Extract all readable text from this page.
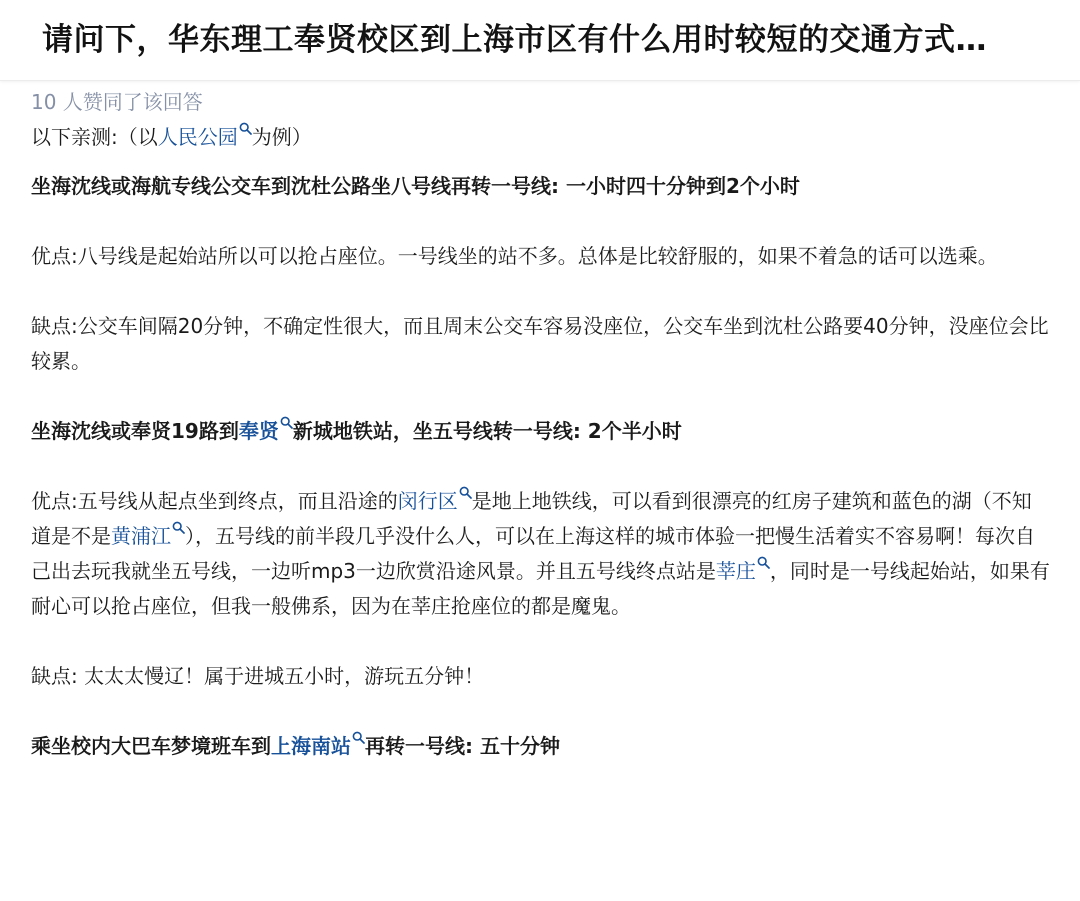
请问下，华东理工奉贤校区到上海市区有什么用时较短的交通方式…
10 人赞同了该回答

以下亲测:（以人民公园 为例）

坐海沈线或海航专线公交车到沈杜公路坐八号线再转一号线: 一小时四十分钟到2个小时

优点:八号线是起始站所以可以抢占座位。一号线坐的站不多。总体是比较舒服的，如果不着急的话可以选乘。

缺点:公交车间隔20分钟，不确定性很大，而且周末公交车容易没座位，公交车坐到沈杜公路要40分钟，没座位会比较累。

坐海沈线或奉贤19路到奉贤 新城地铁站，坐五号线转一号线: 2个半小时

优点:五号线从起点坐到终点，而且沿途的闵行区 是地上地铁线，可以看到很漂亮的红房子建筑和蓝色的湖（不知道是不是黄浦江 ），五号线的前半段几乎没什么人，可以在上海这样的城市体验一把慢生活着实不容易啊！每次自己出去玩我就坐五号线，一边听mp3一边欣赏沿途风景。并且五号线终点站是莘庄 ，同时是一号线起始站，如果有耐心可以抢占座位，但我一般佛系，因为在莘庄抢座位的都是魔鬼。

缺点: 太太太慢辽！属于进城五小时，游玩五分钟！

乘坐校内大巴车梦境班车到上海南站 再转一号线: 五十分钟
